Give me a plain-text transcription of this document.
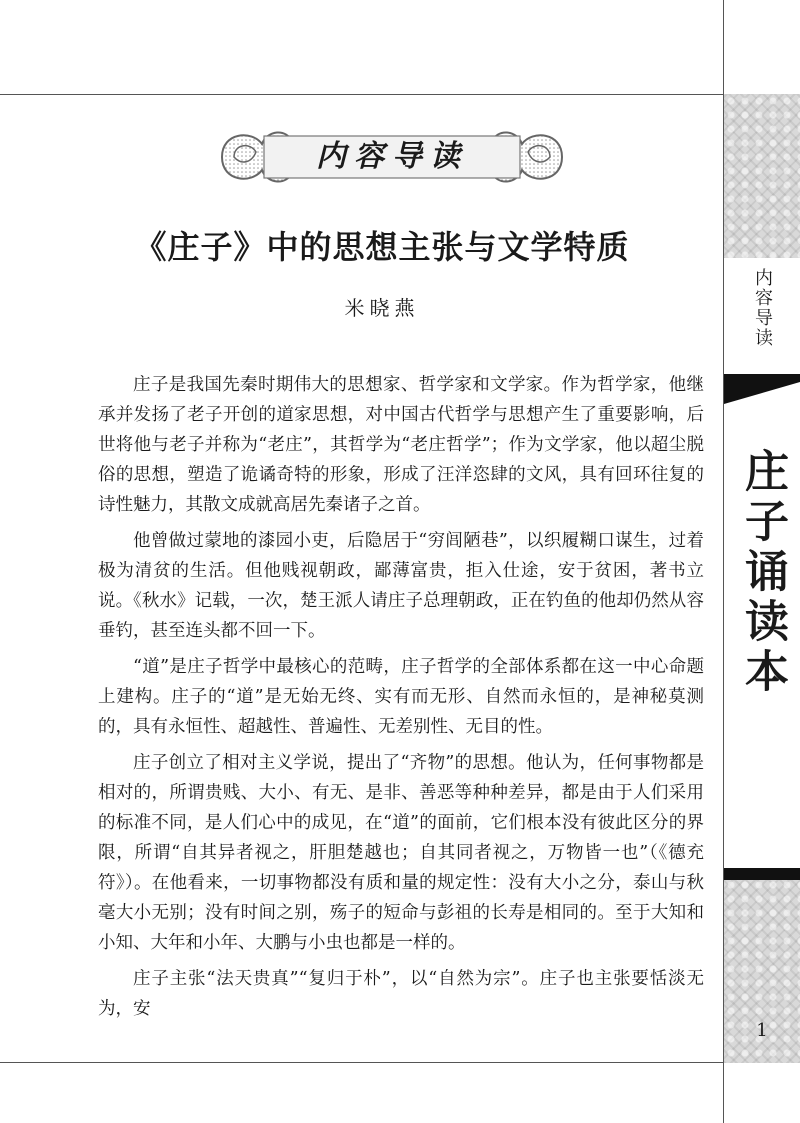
内容导读
庄子诵读本
1
内容导读
《庄子》中的思想主张与文学特质
米晓燕

庄子是我国先秦时期伟大的思想家、哲学家和文学家。作为哲学家，他继承并发扬了老子开创的道家思想，对中国古代哲学与思想产生了重要影响，后世将他与老子并称为“老庄”，其哲学为“老庄哲学”；作为文学家，他以超尘脱俗的思想，塑造了诡谲奇特的形象，形成了汪洋恣肆的文风，具有回环往复的诗性魅力，其散文成就高居先秦诸子之首。

他曾做过蒙地的漆园小吏，后隐居于“穷闾陋巷”，以织履糊口谋生，过着极为清贫的生活。但他贱视朝政，鄙薄富贵，拒入仕途，安于贫困，著书立说。《秋水》记载，一次，楚王派人请庄子总理朝政，正在钓鱼的他却仍然从容垂钓，甚至连头都不回一下。

“道”是庄子哲学中最核心的范畴，庄子哲学的全部体系都在这一中心命题上建构。庄子的“道”是无始无终、实有而无形、自然而永恒的，是神秘莫测的，具有永恒性、超越性、普遍性、无差别性、无目的性。

庄子创立了相对主义学说，提出了“齐物”的思想。他认为，任何事物都是相对的，所谓贵贱、大小、有无、是非、善恶等种种差异，都是由于人们采用的标准不同，是人们心中的成见，在“道”的面前，它们根本没有彼此区分的界限，所谓“自其异者视之，肝胆楚越也；自其同者视之，万物皆一也”（《德充符》）。在他看来，一切事物都没有质和量的规定性：没有大小之分，泰山与秋毫大小无别；没有时间之别，殇子的短命与彭祖的长寿是相同的。至于大知和小知、大年和小年、大鹏与小虫也都是一样的。

庄子主张“法天贵真”“复归于朴”，以“自然为宗”。庄子也主张要恬淡无为，安
